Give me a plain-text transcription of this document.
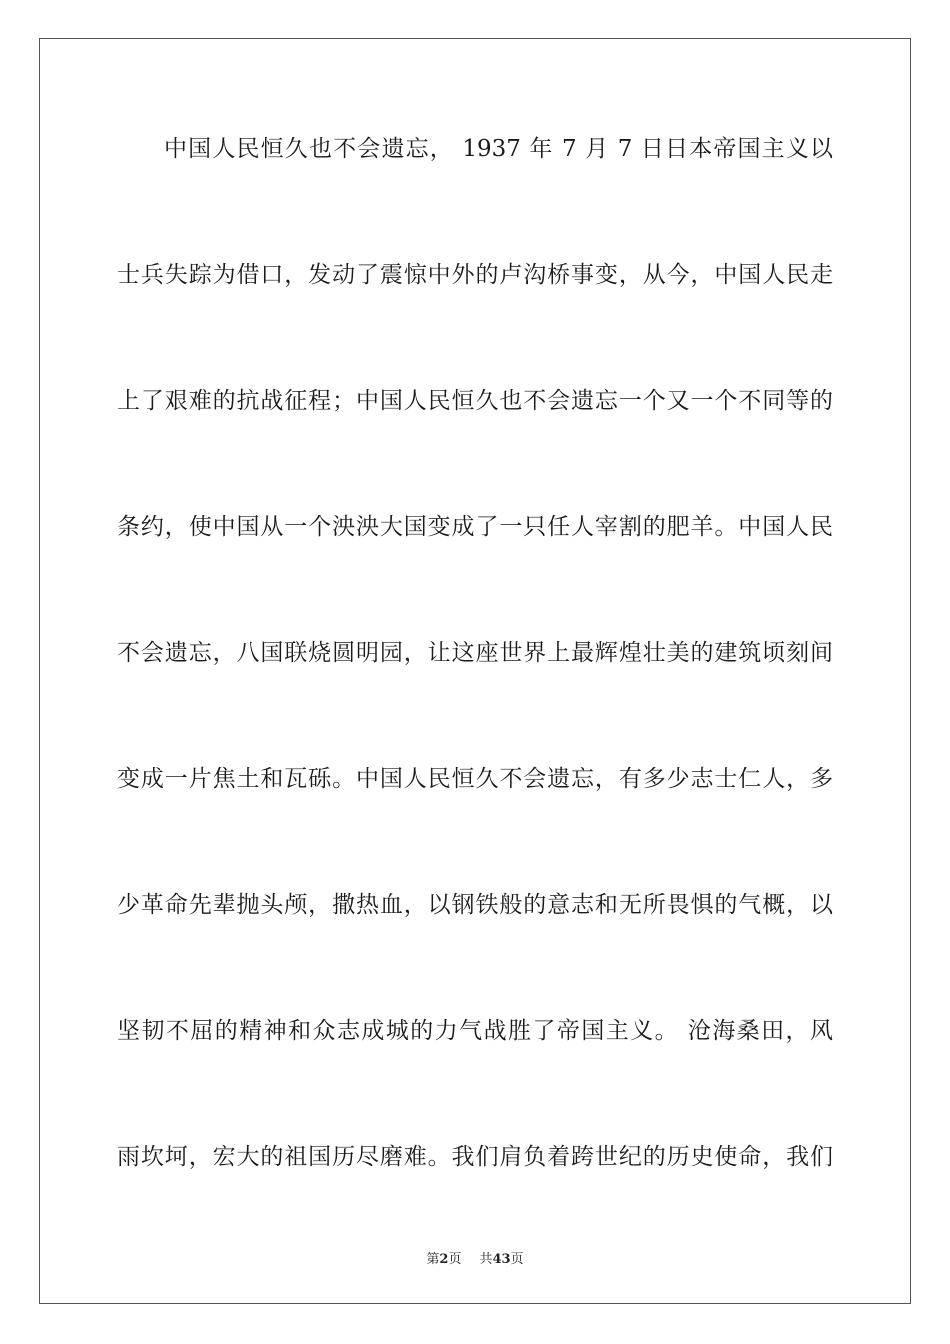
中国人民恒久也不会遗忘， 1937 年 7 月 7 日日本帝国主义以
士兵失踪为借口，发动了震惊中外的卢沟桥事变，从今，中国人民走
上了艰难的抗战征程；中国人民恒久也不会遗忘一个又一个不同等的
条约，使中国从一个泱泱大国变成了一只任人宰割的肥羊。中国人民
不会遗忘，八国联烧圆明园，让这座世界上最辉煌壮美的建筑顷刻间
变成一片焦土和瓦砾。中国人民恒久不会遗忘，有多少志士仁人，多
少革命先辈抛头颅，撒热血，以钢铁般的意志和无所畏惧的气概，以
坚韧不屈的精神和众志成城的力气战胜了帝国主义。 沧海桑田，风
雨坎坷，宏大的祖国历尽磨难。我们肩负着跨世纪的历史使命，我们
第2页 共43页
